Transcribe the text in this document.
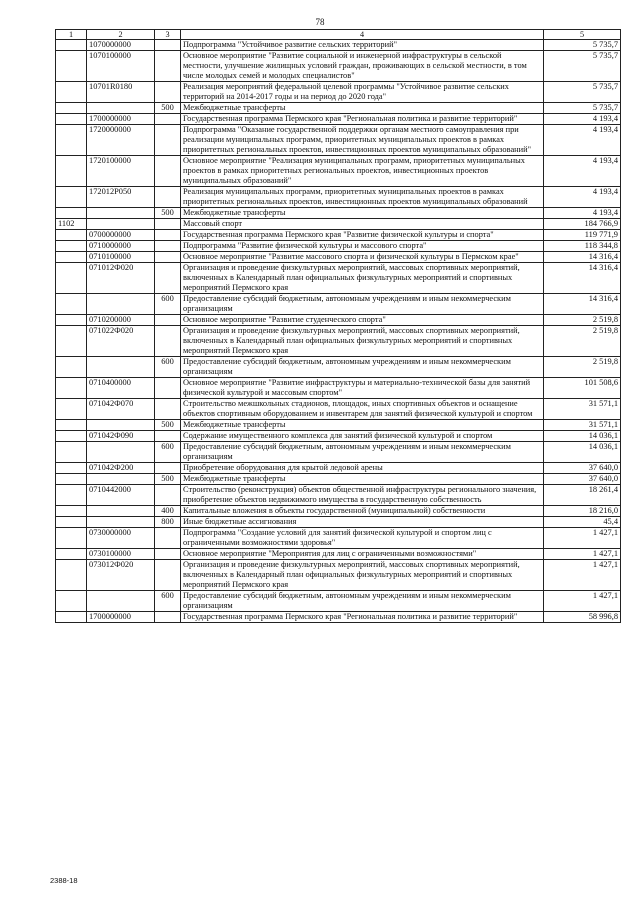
78
1	2	3	4	5
	1070000000		Подпрограмма "Устойчивое развитие сельских территорий"	5 735,7
	1070100000		Основное мероприятие "Развитие социальной и инженерной инфраструктуры в сельской местности, улучшение жилищных условий граждан, проживающих в сельской местности, в том числе молодых семей и молодых специалистов"	5 735,7
	10701R0180		Реализация мероприятий федеральной целевой программы "Устойчивое развитие сельских территорий на 2014-2017 годы и на период до 2020 года"	5 735,7
		500	Межбюджетные трансферты	5 735,7
	1700000000		Государственная программа Пермского края "Региональная политика и развитие территорий"	4 193,4
	1720000000		Подпрограмма "Оказание государственной поддержки органам местного самоуправления при реализации муниципальных программ, приоритетных муниципальных проектов в рамках приоритетных региональных проектов, инвестиционных проектов муниципальных образований"	4 193,4
	1720100000		Основное мероприятие "Реализация муниципальных программ, приоритетных муниципальных проектов в рамках приоритетных региональных проектов, инвестиционных проектов муниципальных образований"	4 193,4
	172012Р050		Реализация муниципальных программ, приоритетных муниципальных проектов в рамках приоритетных региональных проектов, инвестиционных проектов муниципальных образований	4 193,4
		500	Межбюджетные трансферты	4 193,4
1102			Массовый спорт	184 766,9
	0700000000		Государственная программа Пермского края "Развитие физической культуры и спорта"	119 771,9
	0710000000		Подпрограмма "Развитие физической культуры и массового спорта"	118 344,8
	0710100000		Основное мероприятие "Развитие массового спорта и физической культуры в Пермском крае"	14 316,4
	071012Ф020		Организация и проведение физкультурных мероприятий, массовых спортивных мероприятий, включенных в Календарный план официальных физкультурных мероприятий и спортивных мероприятий Пермского края	14 316,4
		600	Предоставление субсидий бюджетным, автономным учреждениям и иным некоммерческим организациям	14 316,4
	0710200000		Основное мероприятие "Развитие студенческого спорта"	2 519,8
	071022Ф020		Организация и проведение физкультурных мероприятий, массовых спортивных мероприятий, включенных в Календарный план официальных физкультурных мероприятий и спортивных мероприятий Пермского края	2 519,8
		600	Предоставление субсидий бюджетным, автономным учреждениям и иным некоммерческим организациям	2 519,8
	0710400000		Основное мероприятие "Развитие инфраструктуры и материально-технической базы для занятий физической культурой и массовым спортом"	101 508,6
	071042Ф070		Строительство межшкольных стадионов, площадок, иных спортивных объектов и оснащение объектов спортивным оборудованием и инвентарем для занятий физической культурой и спортом	31 571,1
		500	Межбюджетные трансферты	31 571,1
	071042Ф090		Содержание имущественного комплекса для занятий физической культурой и спортом	14 036,1
		600	Предоставление субсидий бюджетным, автономным учреждениям и иным некоммерческим организациям	14 036,1
	071042Ф200		Приобретение оборудования для крытой ледовой арены	37 640,0
		500	Межбюджетные трансферты	37 640,0
	0710442000		Строительство (реконструкция) объектов общественной инфраструктуры регионального значения, приобретение объектов недвижимого имущества в государственную собственность	18 261,4
		400	Капитальные вложения в объекты государственной (муниципальной) собственности	18 216,0
		800	Иные бюджетные ассигнования	45,4
	0730000000		Подпрограмма "Создание условий для занятий физической культурой и спортом лиц с ограниченными возможностями здоровья"	1 427,1
	0730100000		Основное мероприятие "Мероприятия для лиц с ограниченными возможностями"	1 427,1
	073012Ф020		Организация и проведение физкультурных мероприятий, массовых спортивных мероприятий, включенных в Календарный план официальных физкультурных мероприятий и спортивных мероприятий Пермского края	1 427,1
		600	Предоставление субсидий бюджетным, автономным учреждениям и иным некоммерческим организациям	1 427,1
	1700000000		Государственная программа Пермского края "Региональная политика и развитие территорий"	58 996,8
2388-18
